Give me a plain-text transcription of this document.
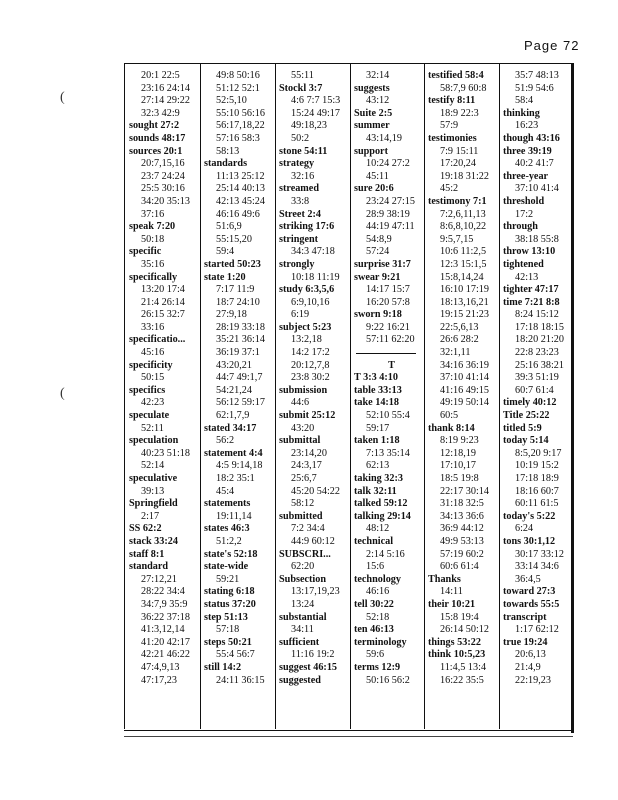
Page 72
(
(
20:1 22:5
23:16 24:14
27:14 29:22
32:3 42:9
sought 27:2
sounds 48:17
sources 20:1
20:7,15,16
23:7 24:24
25:5 30:16
34:20 35:13
37:16
speak 7:20
50:18
specific
35:16
specifically
13:20 17:4
21:4 26:14
26:15 32:7
33:16
specificatio...
45:16
specificity
50:15
specifics
42:23
speculate
52:11
speculation
40:23 51:18
52:14
speculative
39:13
Springfield
2:17
SS 62:2
stack 33:24
staff 8:1
standard
27:12,21
28:22 34:4
34:7,9 35:9
36:22 37:18
41:3,12,14
41:20 42:17
42:21 46:22
47:4,9,13
47:17,23
49:8 50:16
51:12 52:1
52:5,10
55:10 56:16
56:17,18,22
57:16 58:3
58:13
standards
11:13 25:12
25:14 40:13
42:13 45:24
46:16 49:6
51:6,9
55:15,20
59:4
started 50:23
state 1:20
7:17 11:9
18:7 24:10
27:9,18
28:19 33:18
35:21 36:14
36:19 37:1
43:20,21
44:7 49:1,7
54:21,24
56:12 59:17
62:1,7,9
stated 34:17
56:2
statement 4:4
4:5 9:14,18
18:2 35:1
45:4
statements
19:11,14
states 46:3
51:2,2
state's 52:18
state-wide
59:21
stating 6:18
status 37:20
step 51:13
57:18
steps 50:21
55:4 56:7
still 14:2
24:11 36:15
55:11
Stockl 3:7
4:6 7:7 15:3
15:24 49:17
49:18,23
50:2
stone 54:11
strategy
32:16
streamed
33:8
Street 2:4
striking 17:6
stringent
34:3 47:18
strongly
10:18 11:19
study 6:3,5,6
6:9,10,16
6:19
subject 5:23
13:2,18
14:2 17:2
20:12,7,8
23:8 30:2
submission
44:6
submit 25:12
43:20
submittal
23:14,20
24:3,17
25:6,7
45:20 54:22
58:12
submitted
7:2 34:4
44:9 60:12
SUBSCRI...
62:20
Subsection
13:17,19,23
13:24
substantial
34:11
sufficient
11:16 19:2
suggest 46:15
suggested
32:14
suggests
43:12
Suite 2:5
summer
43:14,19
support
10:24 27:2
45:11
sure 20:6
23:24 27:15
28:9 38:19
44:19 47:11
54:8,9
57:24
surprise 31:7
swear 9:21
14:17 15:7
16:20 57:8
sworn 9:18
9:22 16:21
57:11 62:20
T
T 3:3 4:10
table 33:13
take 14:18
52:10 55:4
59:17
taken 1:18
7:13 35:14
62:13
taking 32:3
talk 32:11
talked 59:12
talking 29:14
48:12
technical
2:14 5:16
15:6
technology
46:16
tell 30:22
52:18
ten 46:13
terminology
59:6
terms 12:9
50:16 56:2
testified 58:4
58:7,9 60:8
testify 8:11
18:9 22:3
57:9
testimonies
7:9 15:11
17:20,24
19:18 31:22
45:2
testimony 7:1
7:2,6,11,13
8:6,8,10,22
9:5,7,15
10:6 11:2,5
12:3 15:1,5
15:8,14,24
16:10 17:19
18:13,16,21
19:15 21:23
22:5,6,13
26:6 28:2
32:1,11
34:16 36:19
37:10 41:14
41:16 49:15
49:19 50:14
60:5
thank 8:14
8:19 9:23
12:18,19
17:10,17
18:5 19:8
22:17 30:14
31:18 32:5
34:13 36:6
36:9 44:12
49:9 53:13
57:19 60:2
60:6 61:4
Thanks
14:11
their 10:21
15:8 19:4
26:14 50:12
things 53:22
think 10:5,23
11:4,5 13:4
16:22 35:5
35:7 48:13
51:9 54:6
58:4
thinking
16:23
though 43:16
three 39:19
40:2 41:7
three-year
37:10 41:4
threshold
17:2
through
38:18 55:8
throw 13:10
tightened
42:13
tighter 47:17
time 7:21 8:8
8:24 15:12
17:18 18:15
18:20 21:20
22:8 23:23
25:16 38:21
39:3 51:19
60:7 61:4
timely 40:12
Title 25:22
titled 5:9
today 5:14
8:5,20 9:17
10:19 15:2
17:18 18:9
18:16 60:7
60:11 61:5
today's 5:22
6:24
tons 30:1,12
30:17 33:12
33:14 34:6
36:4,5
toward 27:3
towards 55:5
transcript
1:17 62:12
true 19:24
20:6,13
21:4,9
22:19,23
